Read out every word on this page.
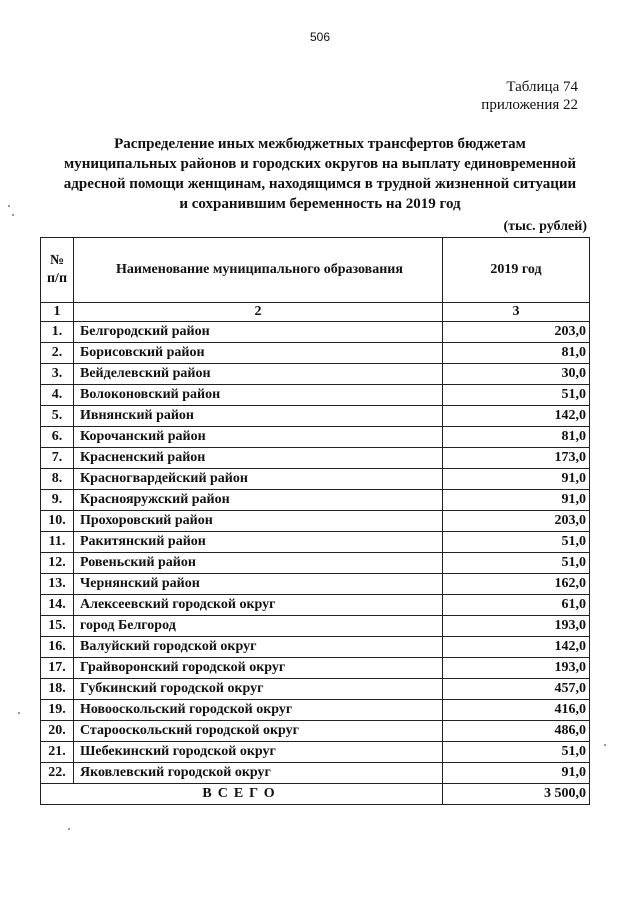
506
Таблица 74
приложения 22
Распределение иных межбюджетных трансфертов бюджетам
муниципальных районов и городских округов на выплату единовременной
адресной помощи женщинам, находящимся в трудной жизненной ситуации
и сохранившим беременность на 2019 год
(тыс. рублей)
№ п/п	Наименование муниципального образования	2019 год
1	2	3
1.	Белгородский район	203,0
2.	Борисовский район	81,0
3.	Вейделевский район	30,0
4.	Волоконовский район	51,0
5.	Ивнянский район	142,0
6.	Корочанский район	81,0
7.	Красненский район	173,0
8.	Красногвардейский район	91,0
9.	Краснояружский район	91,0
10.	Прохоровский район	203,0
11.	Ракитянский район	51,0
12.	Ровеньский район	51,0
13.	Чернянский район	162,0
14.	Алексеевский городской округ	61,0
15.	город Белгород	193,0
16.	Валуйский городской округ	142,0
17.	Грайворонский городской округ	193,0
18.	Губкинский городской округ	457,0
19.	Новооскольский городской округ	416,0
20.	Старооскольский городской округ	486,0
21.	Шебекинский городской округ	51,0
22.	Яковлевский городской округ	91,0
ВСЕГО		3 500,0
